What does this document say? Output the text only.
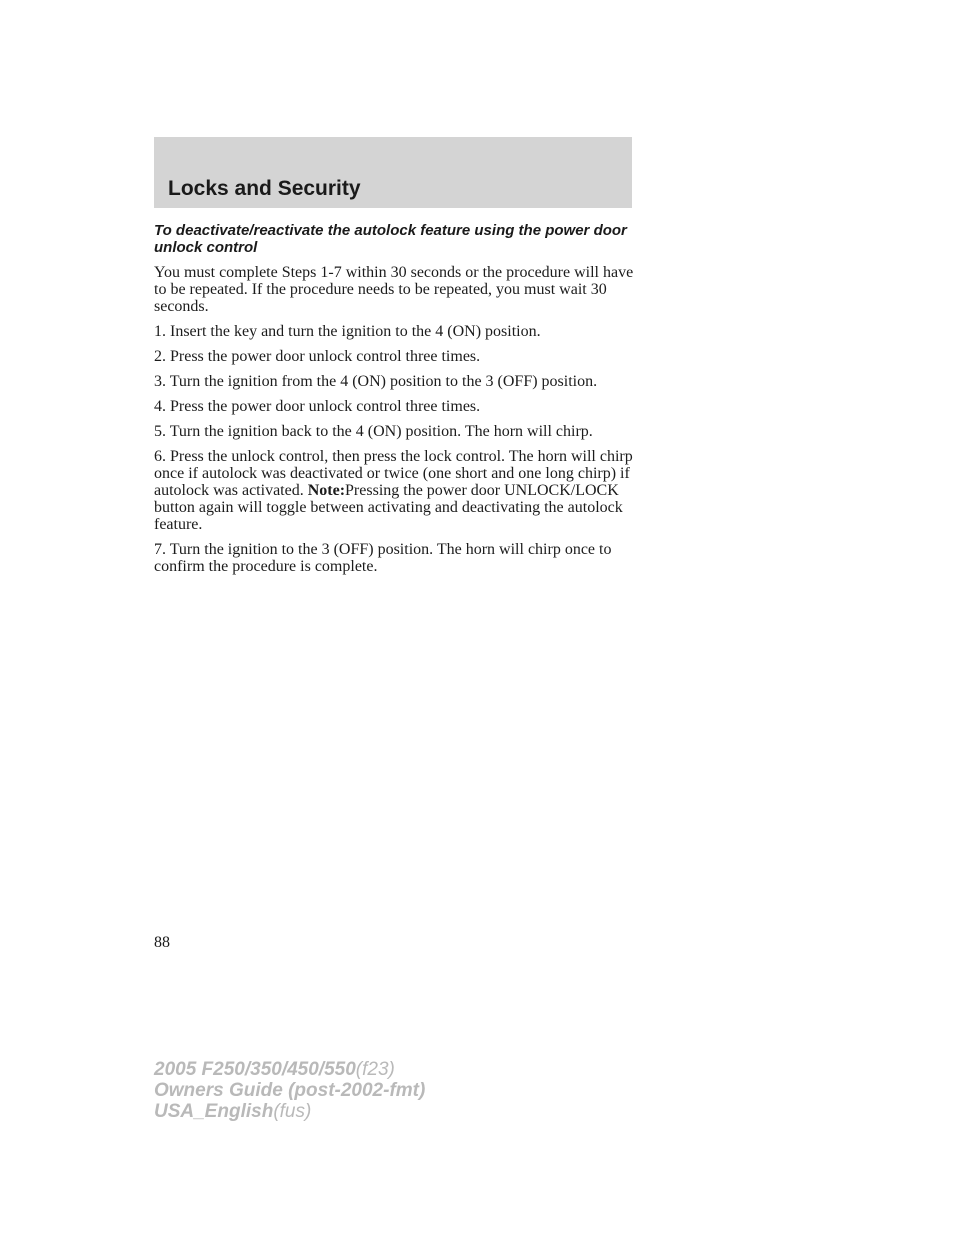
Locks and Security
To deactivate/reactivate the autolock feature using the power door unlock control

You must complete Steps 1-7 within 30 seconds or the procedure will have to be repeated. If the procedure needs to be repeated, you must wait 30 seconds.

1. Insert the key and turn the ignition to the 4 (ON) position.

2. Press the power door unlock control three times.

3. Turn the ignition from the 4 (ON) position to the 3 (OFF) position.

4. Press the power door unlock control three times.

5. Turn the ignition back to the 4 (ON) position. The horn will chirp.

6. Press the unlock control, then press the lock control. The horn will chirp once if autolock was deactivated or twice (one short and one long chirp) if autolock was activated. Note:Pressing the power door UNLOCK/LOCK button again will toggle between activating and deactivating the autolock feature.

7. Turn the ignition to the 3 (OFF) position. The horn will chirp once to confirm the procedure is complete.

88

2005 F250/350/450/550(f23)
Owners Guide (post-2002-fmt)
USA_English(fus)
